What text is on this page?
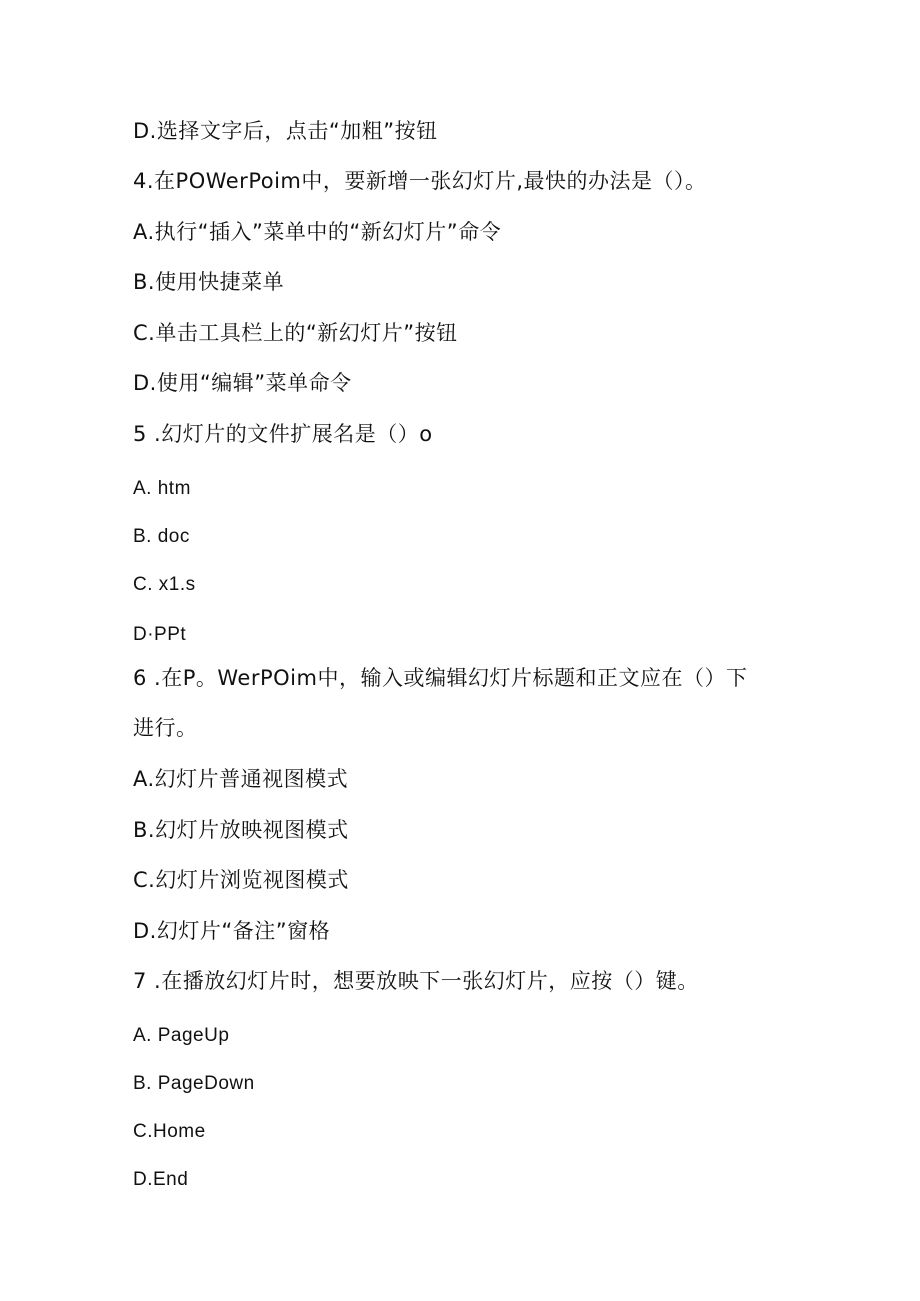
D.选择文字后，点击“加粗”按钮
4.在POWerPoim中，要新增一张幻灯片,最快的办法是（）。
A.执行“插入”菜单中的“新幻灯片”命令
B.使用快捷菜单
C.单击工具栏上的“新幻灯片”按钮
D.使用“编辑”菜单命令
5 .幻灯片的文件扩展名是（）o
A. htm
B. doc
C. x1.s
D·PPt
6 .在P。WerPOim中，输入或编辑幻灯片标题和正文应在（）下
进行。
A.幻灯片普通视图模式
B.幻灯片放映视图模式
C.幻灯片浏览视图模式
D.幻灯片“备注”窗格
7 .在播放幻灯片时，想要放映下一张幻灯片，应按（）键。
A. PageUp
B. PageDown
C.Home
D.End
